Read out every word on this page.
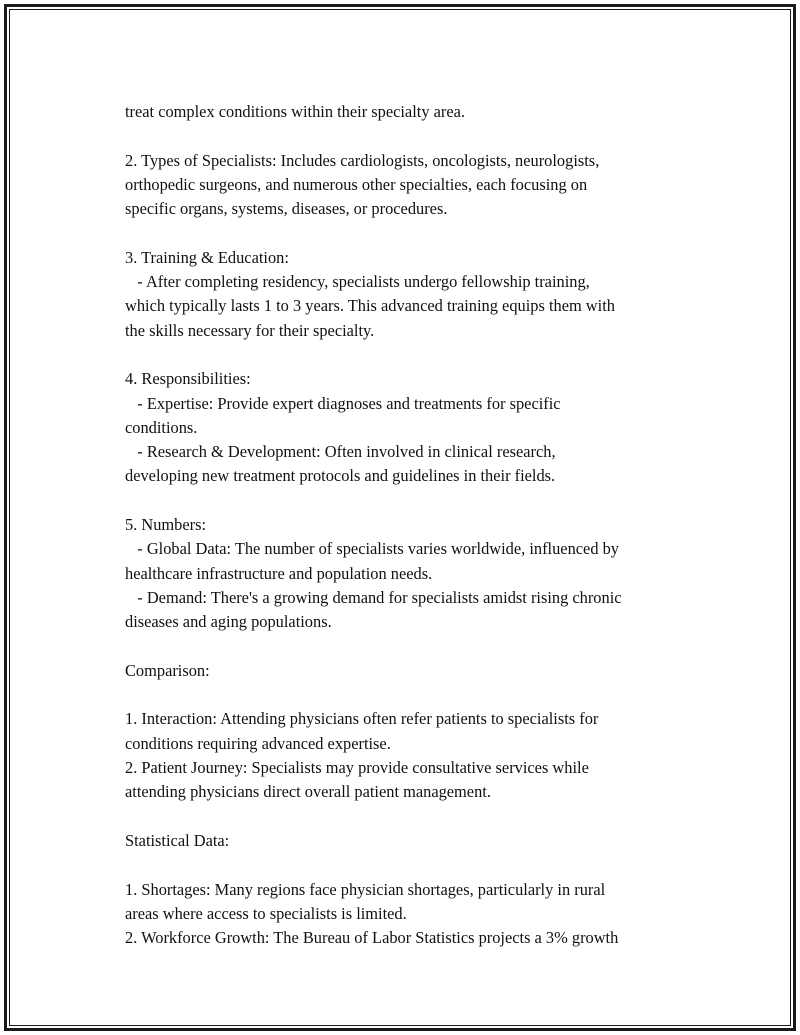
treat complex conditions within their specialty area.
2. Types of Specialists: Includes cardiologists, oncologists, neurologists,
orthopedic surgeons, and numerous other specialties, each focusing on
specific organs, systems, diseases, or procedures.
3. Training & Education:
- After completing residency, specialists undergo fellowship training,
which typically lasts 1 to 3 years. This advanced training equips them with
the skills necessary for their specialty.
4. Responsibilities:
- Expertise: Provide expert diagnoses and treatments for specific
conditions.
- Research & Development: Often involved in clinical research,
developing new treatment protocols and guidelines in their fields.
5. Numbers:
- Global Data: The number of specialists varies worldwide, influenced by
healthcare infrastructure and population needs.
- Demand: There's a growing demand for specialists amidst rising chronic
diseases and aging populations.
Comparison:
1. Interaction: Attending physicians often refer patients to specialists for
conditions requiring advanced expertise.
2. Patient Journey: Specialists may provide consultative services while
attending physicians direct overall patient management.
Statistical Data:
1. Shortages: Many regions face physician shortages, particularly in rural
areas where access to specialists is limited.
2. Workforce Growth: The Bureau of Labor Statistics projects a 3% growth
